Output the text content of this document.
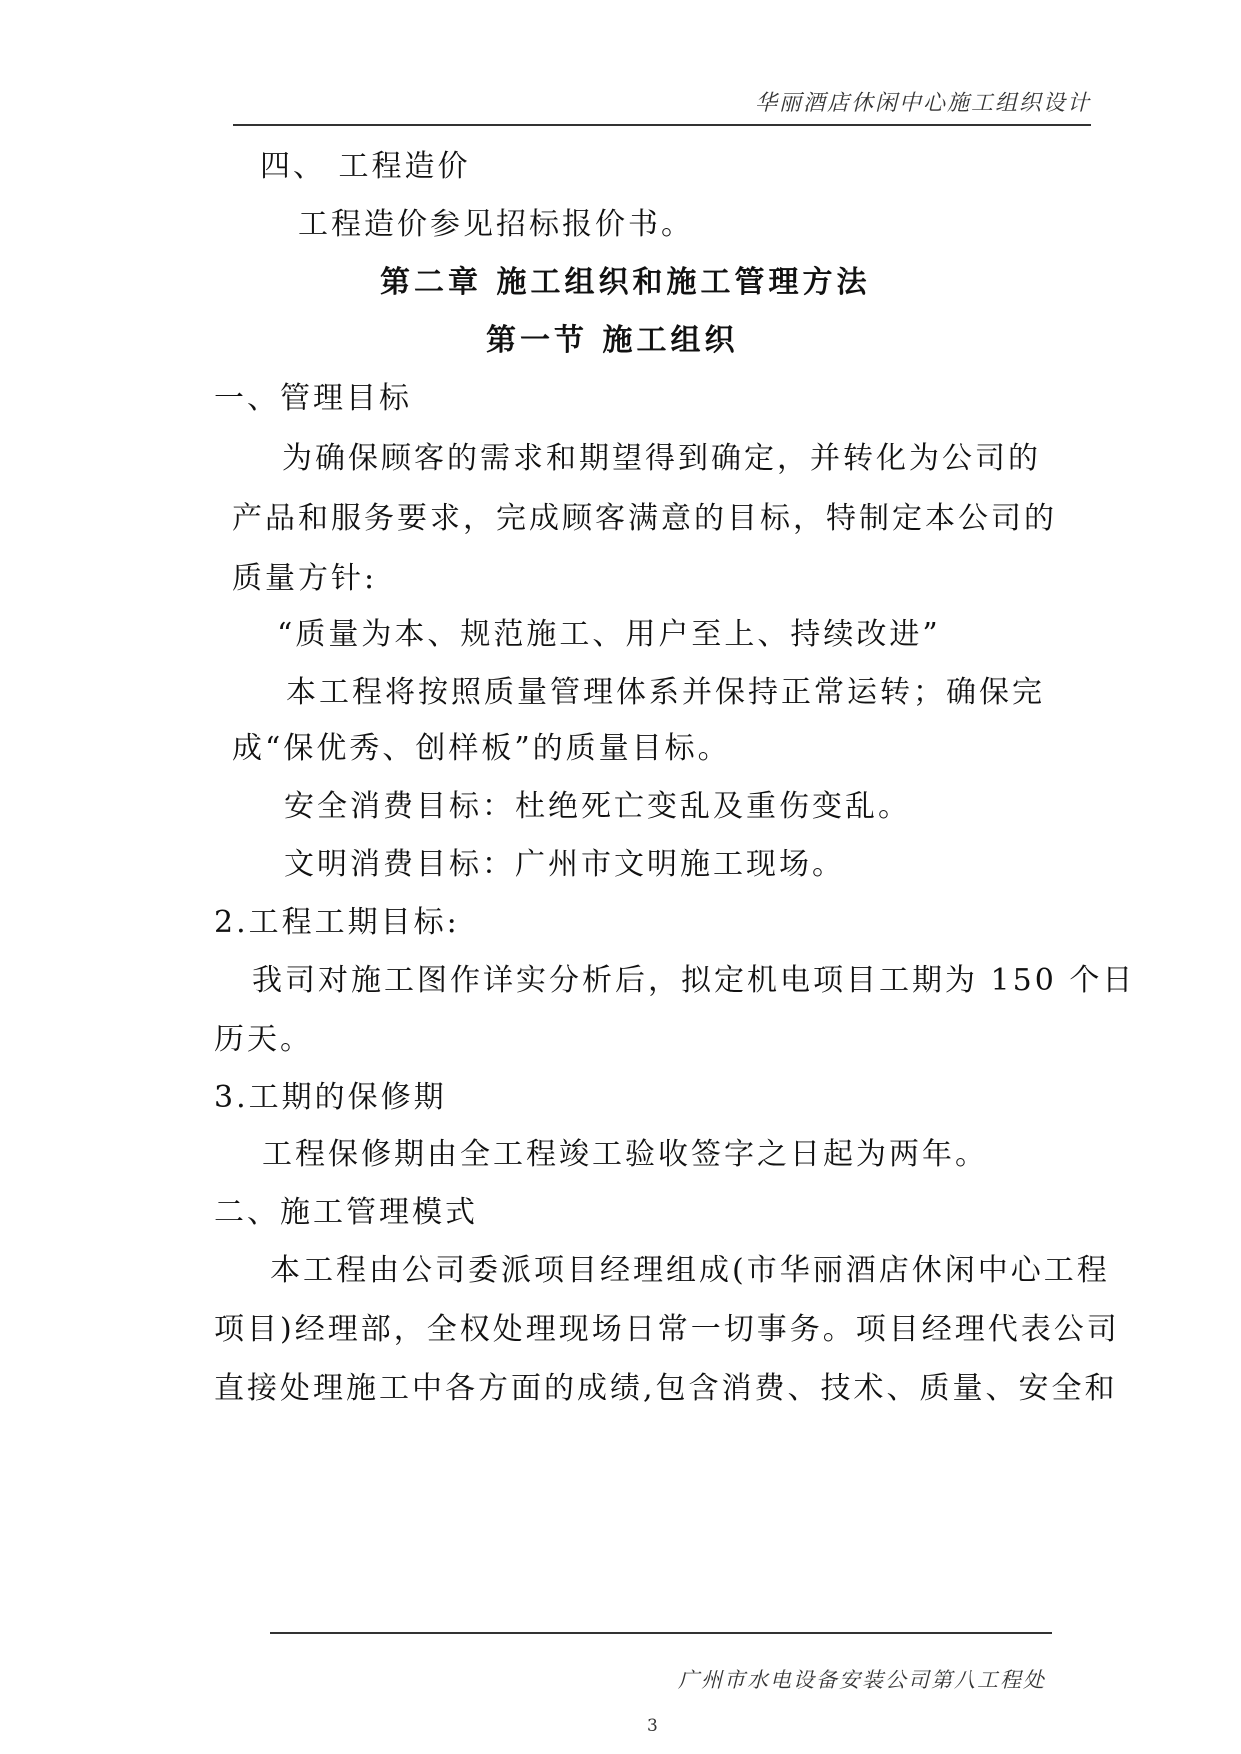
华丽酒店休闲中心施工组织设计
四、 工程造价
工程造价参见招标报价书。
第二章 施工组织和施工管理方法
第一节 施工组织
一、管理目标
为确保顾客的需求和期望得到确定，并转化为公司的
产品和服务要求，完成顾客满意的目标，特制定本公司的
质量方针:
“质量为本、规范施工、用户至上、持续改进”
本工程将按照质量管理体系并保持正常运转；确保完
成“保优秀、创样板”的质量目标。
安全消费目标：杜绝死亡变乱及重伤变乱。
文明消费目标：广州市文明施工现场。
2.工程工期目标:
我司对施工图作详实分析后，拟定机电项目工期为 150 个日
历天。
3.工期的保修期
工程保修期由全工程竣工验收签字之日起为两年。
二、施工管理模式
本工程由公司委派项目经理组成(市华丽酒店休闲中心工程
项目)经理部，全权处理现场日常一切事务。项目经理代表公司
直接处理施工中各方面的成绩,包含消费、技术、质量、安全和
广州市水电设备安装公司第八工程处
3
